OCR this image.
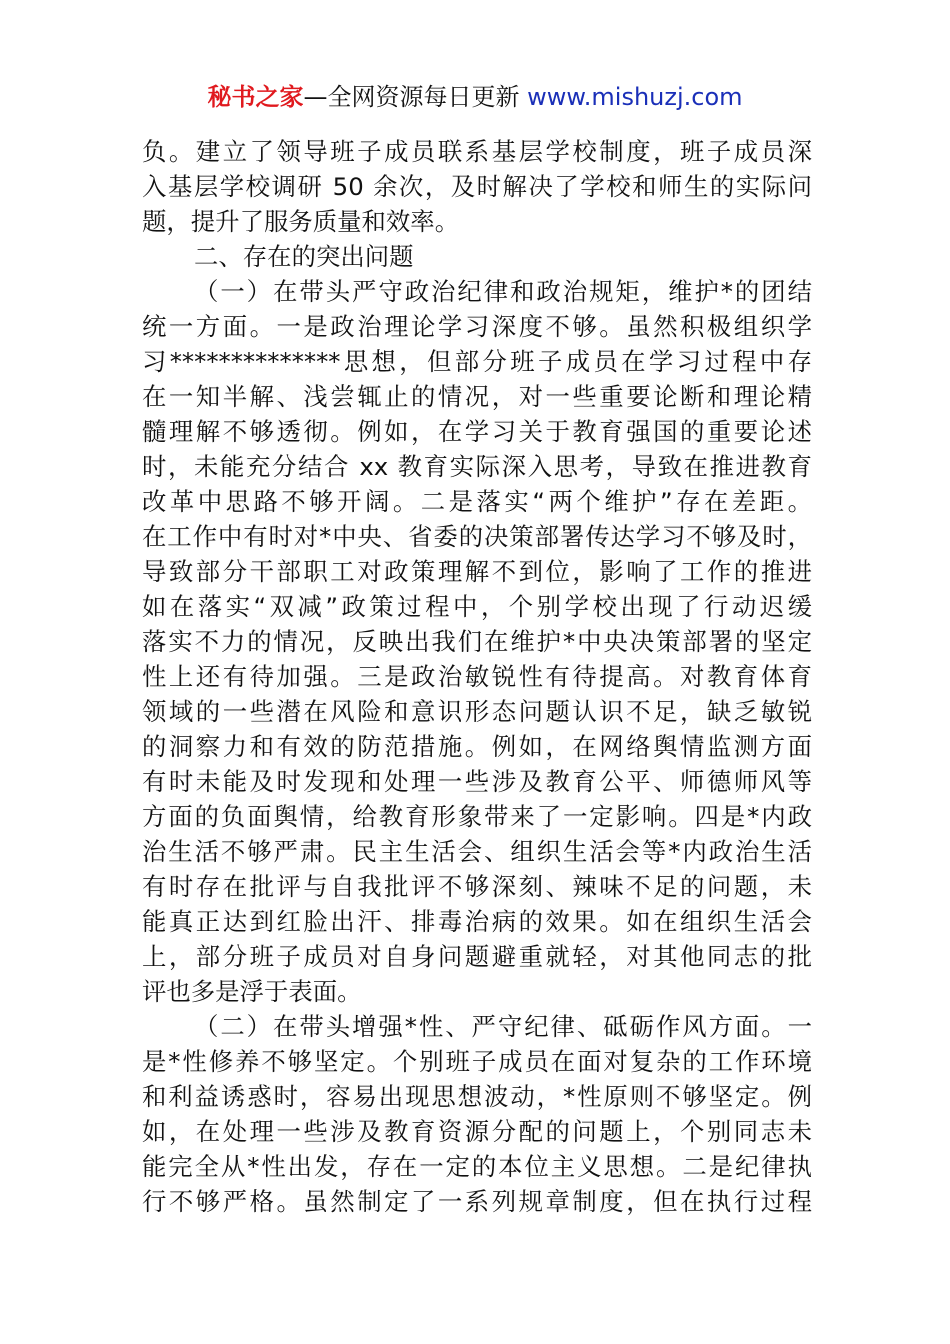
秘书之家—全网资源每日更新 www.mishuzj.com
负。建立了领导班子成员联系基层学校制度，班子成员深
入基层学校调研 50 余次，及时解决了学校和师生的实际问
题，提升了服务质量和效率。
二、存在的突出问题
（一）在带头严守政治纪律和政治规矩，维护*的团结
统一方面。一是政治理论学习深度不够。虽然积极组织学
习**************思想，但部分班子成员在学习过程中存
在一知半解、浅尝辄止的情况，对一些重要论断和理论精
髓理解不够透彻。例如，在学习关于教育强国的重要论述
时，未能充分结合 xx 教育实际深入思考，导致在推进教育
改革中思路不够开阔。二是落实“两个维护”存在差距。
在工作中有时对*中央、省委的决策部署传达学习不够及时，
导致部分干部职工对政策理解不到位，影响了工作的推进
如在落实“双减”政策过程中，个别学校出现了行动迟缓
落实不力的情况，反映出我们在维护*中央决策部署的坚定
性上还有待加强。三是政治敏锐性有待提高。对教育体育
领域的一些潜在风险和意识形态问题认识不足，缺乏敏锐
的洞察力和有效的防范措施。例如，在网络舆情监测方面
有时未能及时发现和处理一些涉及教育公平、师德师风等
方面的负面舆情，给教育形象带来了一定影响。四是*内政
治生活不够严肃。民主生活会、组织生活会等*内政治生活
有时存在批评与自我批评不够深刻、辣味不足的问题，未
能真正达到红脸出汗、排毒治病的效果。如在组织生活会
上，部分班子成员对自身问题避重就轻，对其他同志的批
评也多是浮于表面。
（二）在带头增强*性、严守纪律、砥砺作风方面。一
是*性修养不够坚定。个别班子成员在面对复杂的工作环境
和利益诱惑时，容易出现思想波动，*性原则不够坚定。例
如，在处理一些涉及教育资源分配的问题上，个别同志未
能完全从*性出发，存在一定的本位主义思想。二是纪律执
行不够严格。虽然制定了一系列规章制度，但在执行过程
